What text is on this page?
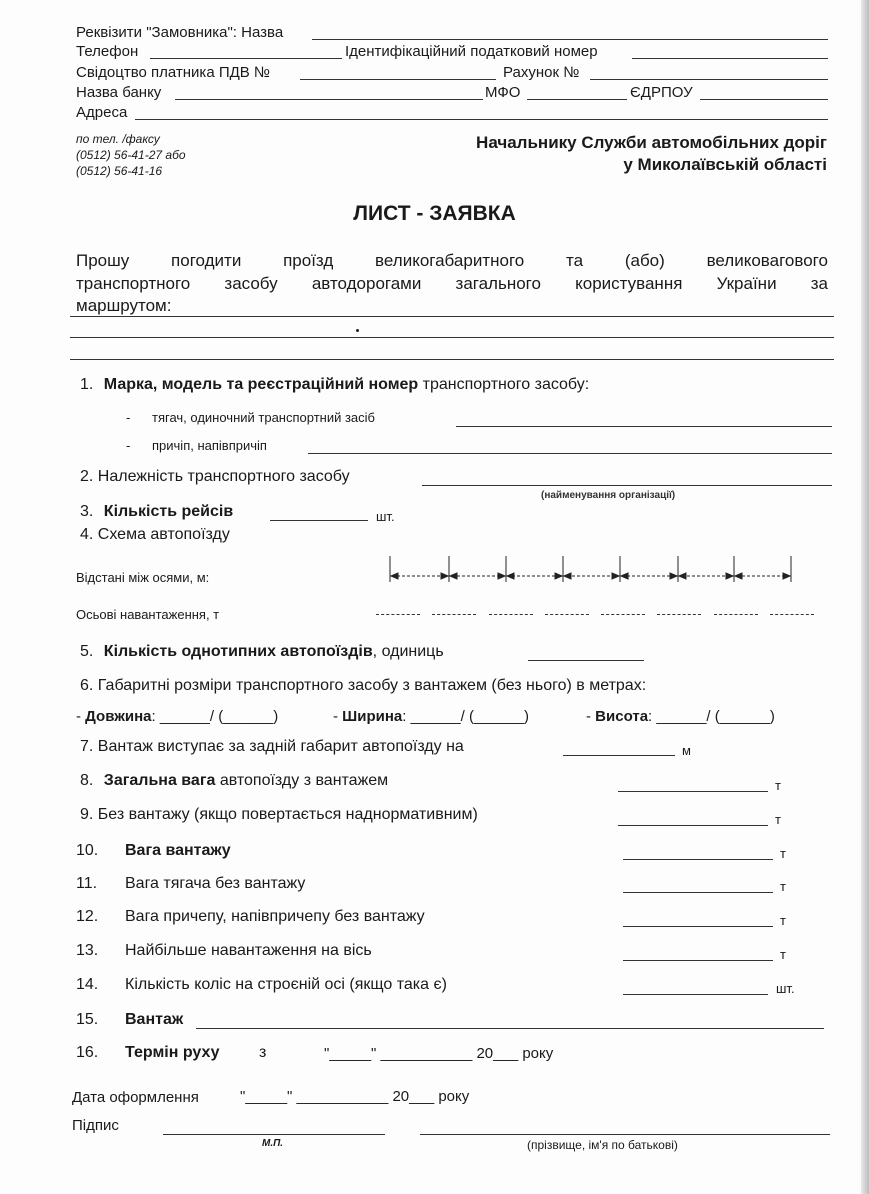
Реквізити "Замовника": Назва
Телефон	Ідентифікаційний податковий номер
Свідоцтво платника ПДВ №	Рахунок №
Назва банку	МФО	ЄДРПОУ
Адреса
по тел. /факсу
(0512) 56-41-27 або
(0512) 56-41-16
Начальнику Служби автомобільних доріг
у Миколаївській області
ЛИСТ - ЗАЯВКА
Прошу погодити проїзд великогабаритного та (або) великовагового
транспортного засобу автодорогами загального користування України за
маршрутом:
1. Марка, модель та реєстраційний номер транспортного засобу:
- тягач, одиночний транспортний засіб
- причіп, напівпричіп
2. Належність транспортного засобу
(найменування організації)
3. Кількість рейсів	шт.
4. Схема автопоїзду
Відстані між осями, м:
Осьові навантаження, т
5. Кількість однотипних автопоїздів, одиниць
6. Габаритні розміри транспортного засобу з вантажем (без нього) в метрах:
- Довжина: ______/ (______)	- Ширина: ______/ (______)	- Висота: ______/ (______)
7. Вантаж виступає за задній габарит автопоїзду на	м
8. Загальна вага автопоїзду з вантажем	т
9. Без вантажу (якщо повертається наднормативним)	т
10. Вага вантажу	т
11. Вага тягача без вантажу	т
12. Вага причепу, напівпричепу без вантажу	т
13. Найбільше навантаження на вісь	т
14. Кількість коліс на строєній осі (якщо така є)	шт.
15. Вантаж
16. Термін руху з	"_____" ___________ 20___ року
Дата оформлення	"_____" ___________ 20___ року
Підпис
М.П.	(прізвище, ім'я по батькові)
